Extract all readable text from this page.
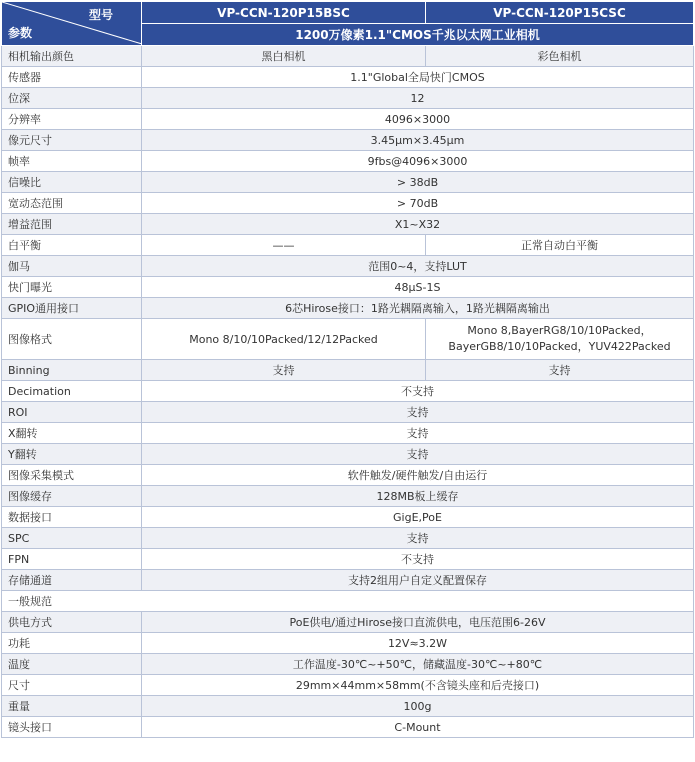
型号
参数	VP-CCN-120P15BSC	VP-CCN-120P15CSC
	1200万像素1.1"CMOS千兆以太网工业相机	
相机输出颜色	黑白相机	彩色相机
传感器	1.1"Global全局快门CMOS	
位深	12	
分辨率	4096×3000	
像元尺寸	3.45μm×3.45μm	
帧率	9fbs@4096×3000	
信噪比	> 38dB	
宽动态范围	> 70dB	
增益范围	X1~X32	
白平衡	——	正常自动白平衡
伽马	范围0~4，支持LUT	
快门曝光	48μS-1S	
GPIO通用接口	6芯Hirose接口：1路光耦隔离输入，1路光耦隔离输出	
图像格式	Mono 8/10/10Packed/12/12Packed	Mono 8,BayerRG8/10/10Packed，
BayerGB8/10/10Packed，YUV422Packed

Binning	支持	支持
Decimation	不支持	
ROI	支持	
X翻转	支持	
Y翻转	支持	
图像采集模式	软件触发/硬件触发/自由运行	
图像缓存	128MB板上缓存	
数据接口	GigE,PoE	
SPC	支持	
FPN	不支持	
存储通道	支持2组用户自定义配置保存	
一般规范		
供电方式	PoE供电/通过Hirose接口直流供电，电压范围6-26V	
功耗	12V≈3.2W	
温度	工作温度-30℃~+50℃，储藏温度-30℃~+80℃	
尺寸	29mm×44mm×58mm(不含镜头座和后壳接口)	
重量	100g	
镜头接口	C-Mount	
